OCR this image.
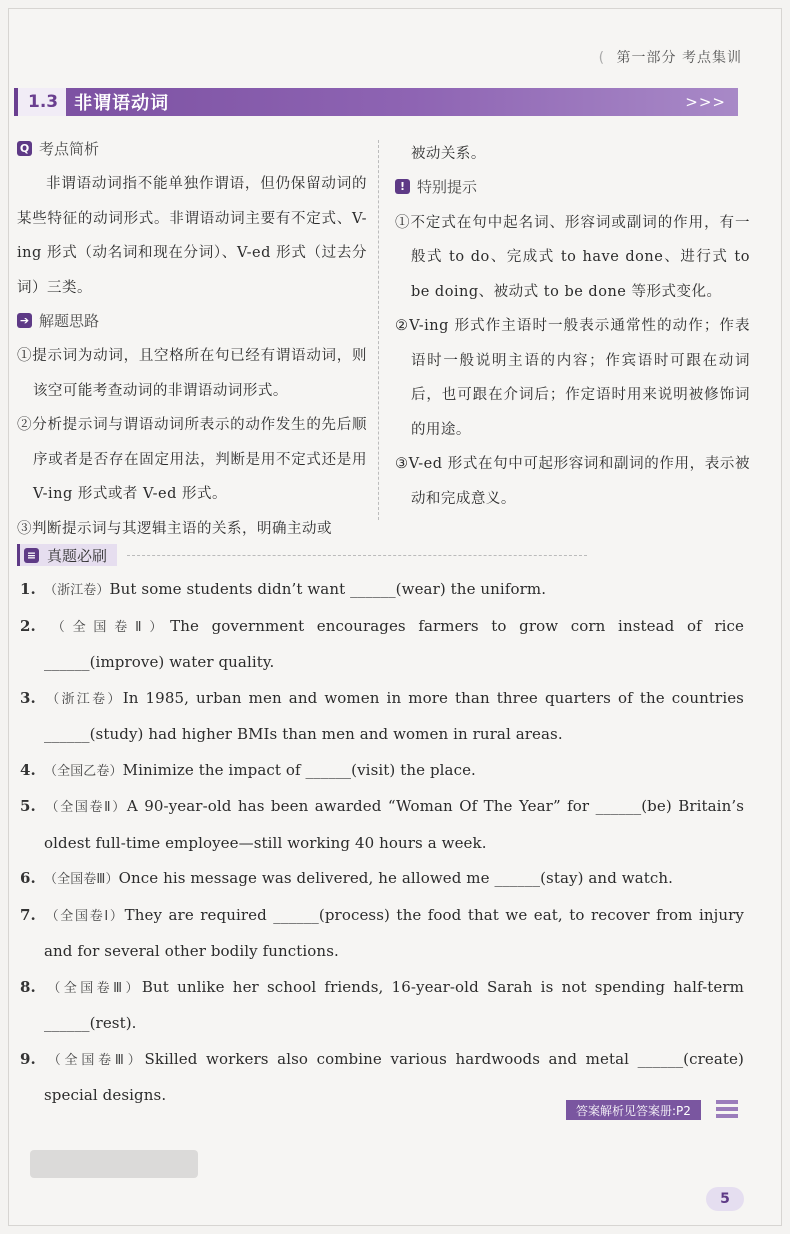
( 第一部分 考点集训
1.3 非谓语动词	>>>
Q 考点简析

非谓语动词指不能单独作谓语，但仍保留动词的某些特征的动词形式。非谓语动词主要有不定式、V-ing 形式（动名词和现在分词）、V-ed 形式（过去分词）三类。

➔ 解题思路

①提示词为动词，且空格所在句已经有谓语动词，则该空可能考查动词的非谓语动词形式。

②分析提示词与谓语动词所表示的动作发生的先后顺序或者是否存在固定用法，判断是用不定式还是用 V-ing 形式或者 V-ed 形式。

③判断提示词与其逻辑主语的关系，明确主动或

被动关系。

! 特别提示

①不定式在句中起名词、形容词或副词的作用，有一般式 to do、完成式 to have done、进行式 to be doing、被动式 to be done 等形式变化。

②V-ing 形式作主语时一般表示通常性的动作；作表语时一般说明主语的内容；作宾语时可跟在动词后，也可跟在介词后；作定语时用来说明被修饰词的用途。

③V-ed 形式在句中可起形容词和副词的作用，表示被动和完成意义。

≡ 真题必刷

1. （浙江卷）But some students didn’t want ______(wear) the uniform.

2. （全国卷Ⅱ）The government encourages farmers to grow corn instead of rice ______(improve) water quality.

3. （浙江卷）In 1985, urban men and women in more than three quarters of the countries ______(study) had higher BMIs than men and women in rural areas.

4. （全国乙卷）Minimize the impact of ______(visit) the place.

5. （全国卷Ⅱ）A 90-year-old has been awarded “Woman Of The Year” for ______(be) Britain’s oldest full-time employee—still working 40 hours a week.

6. （全国卷Ⅲ）Once his message was delivered, he allowed me ______(stay) and watch.

7. （全国卷Ⅰ）They are required ______(process) the food that we eat, to recover from injury and for several other bodily functions.

8. （全国卷Ⅲ）But unlike her school friends, 16-year-old Sarah is not spending half-term ______(rest).

9. （全国卷Ⅲ）Skilled workers also combine various hardwoods and metal ______(create) special designs.

答案解析见答案册:P2
5
